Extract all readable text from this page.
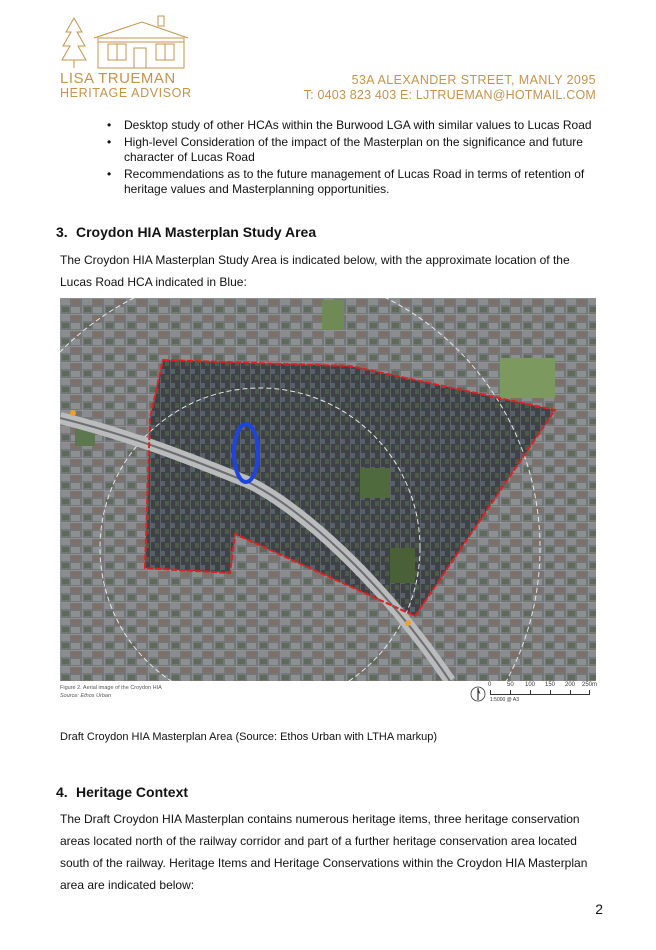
LISA TRUEMAN
HERITAGE ADVISOR
53A ALEXANDER STREET, MANLY 2095
T: 0403 823 403 E: LJTRUEMAN@HOTMAIL.COM
• Desktop study of other HCAs within the Burwood LGA with similar values to Lucas Road
• High-level Consideration of the impact of the Masterplan on the significance and future character of Lucas Road
• Recommendations as to the future management of Lucas Road in terms of retention of heritage values and Masterplanning opportunities.
3. Croydon HIA Masterplan Study Area
The Croydon HIA Masterplan Study Area is indicated below, with the approximate location of the Lucas Road HCA indicated in Blue:
Figure 2. Aerial image of the Croydon HIA
Source: Ethos Urban
0	50 100 150 200 250m
1:5000 @ A3
Draft Croydon HIA Masterplan Area (Source: Ethos Urban with LTHA markup)
4. Heritage Context
The Draft Croydon HIA Masterplan contains numerous heritage items, three heritage conservation areas located north of the railway corridor and part of a further heritage conservation area located south of the railway. Heritage Items and Heritage Conservations within the Croydon HIA Masterplan area are indicated below:
2
